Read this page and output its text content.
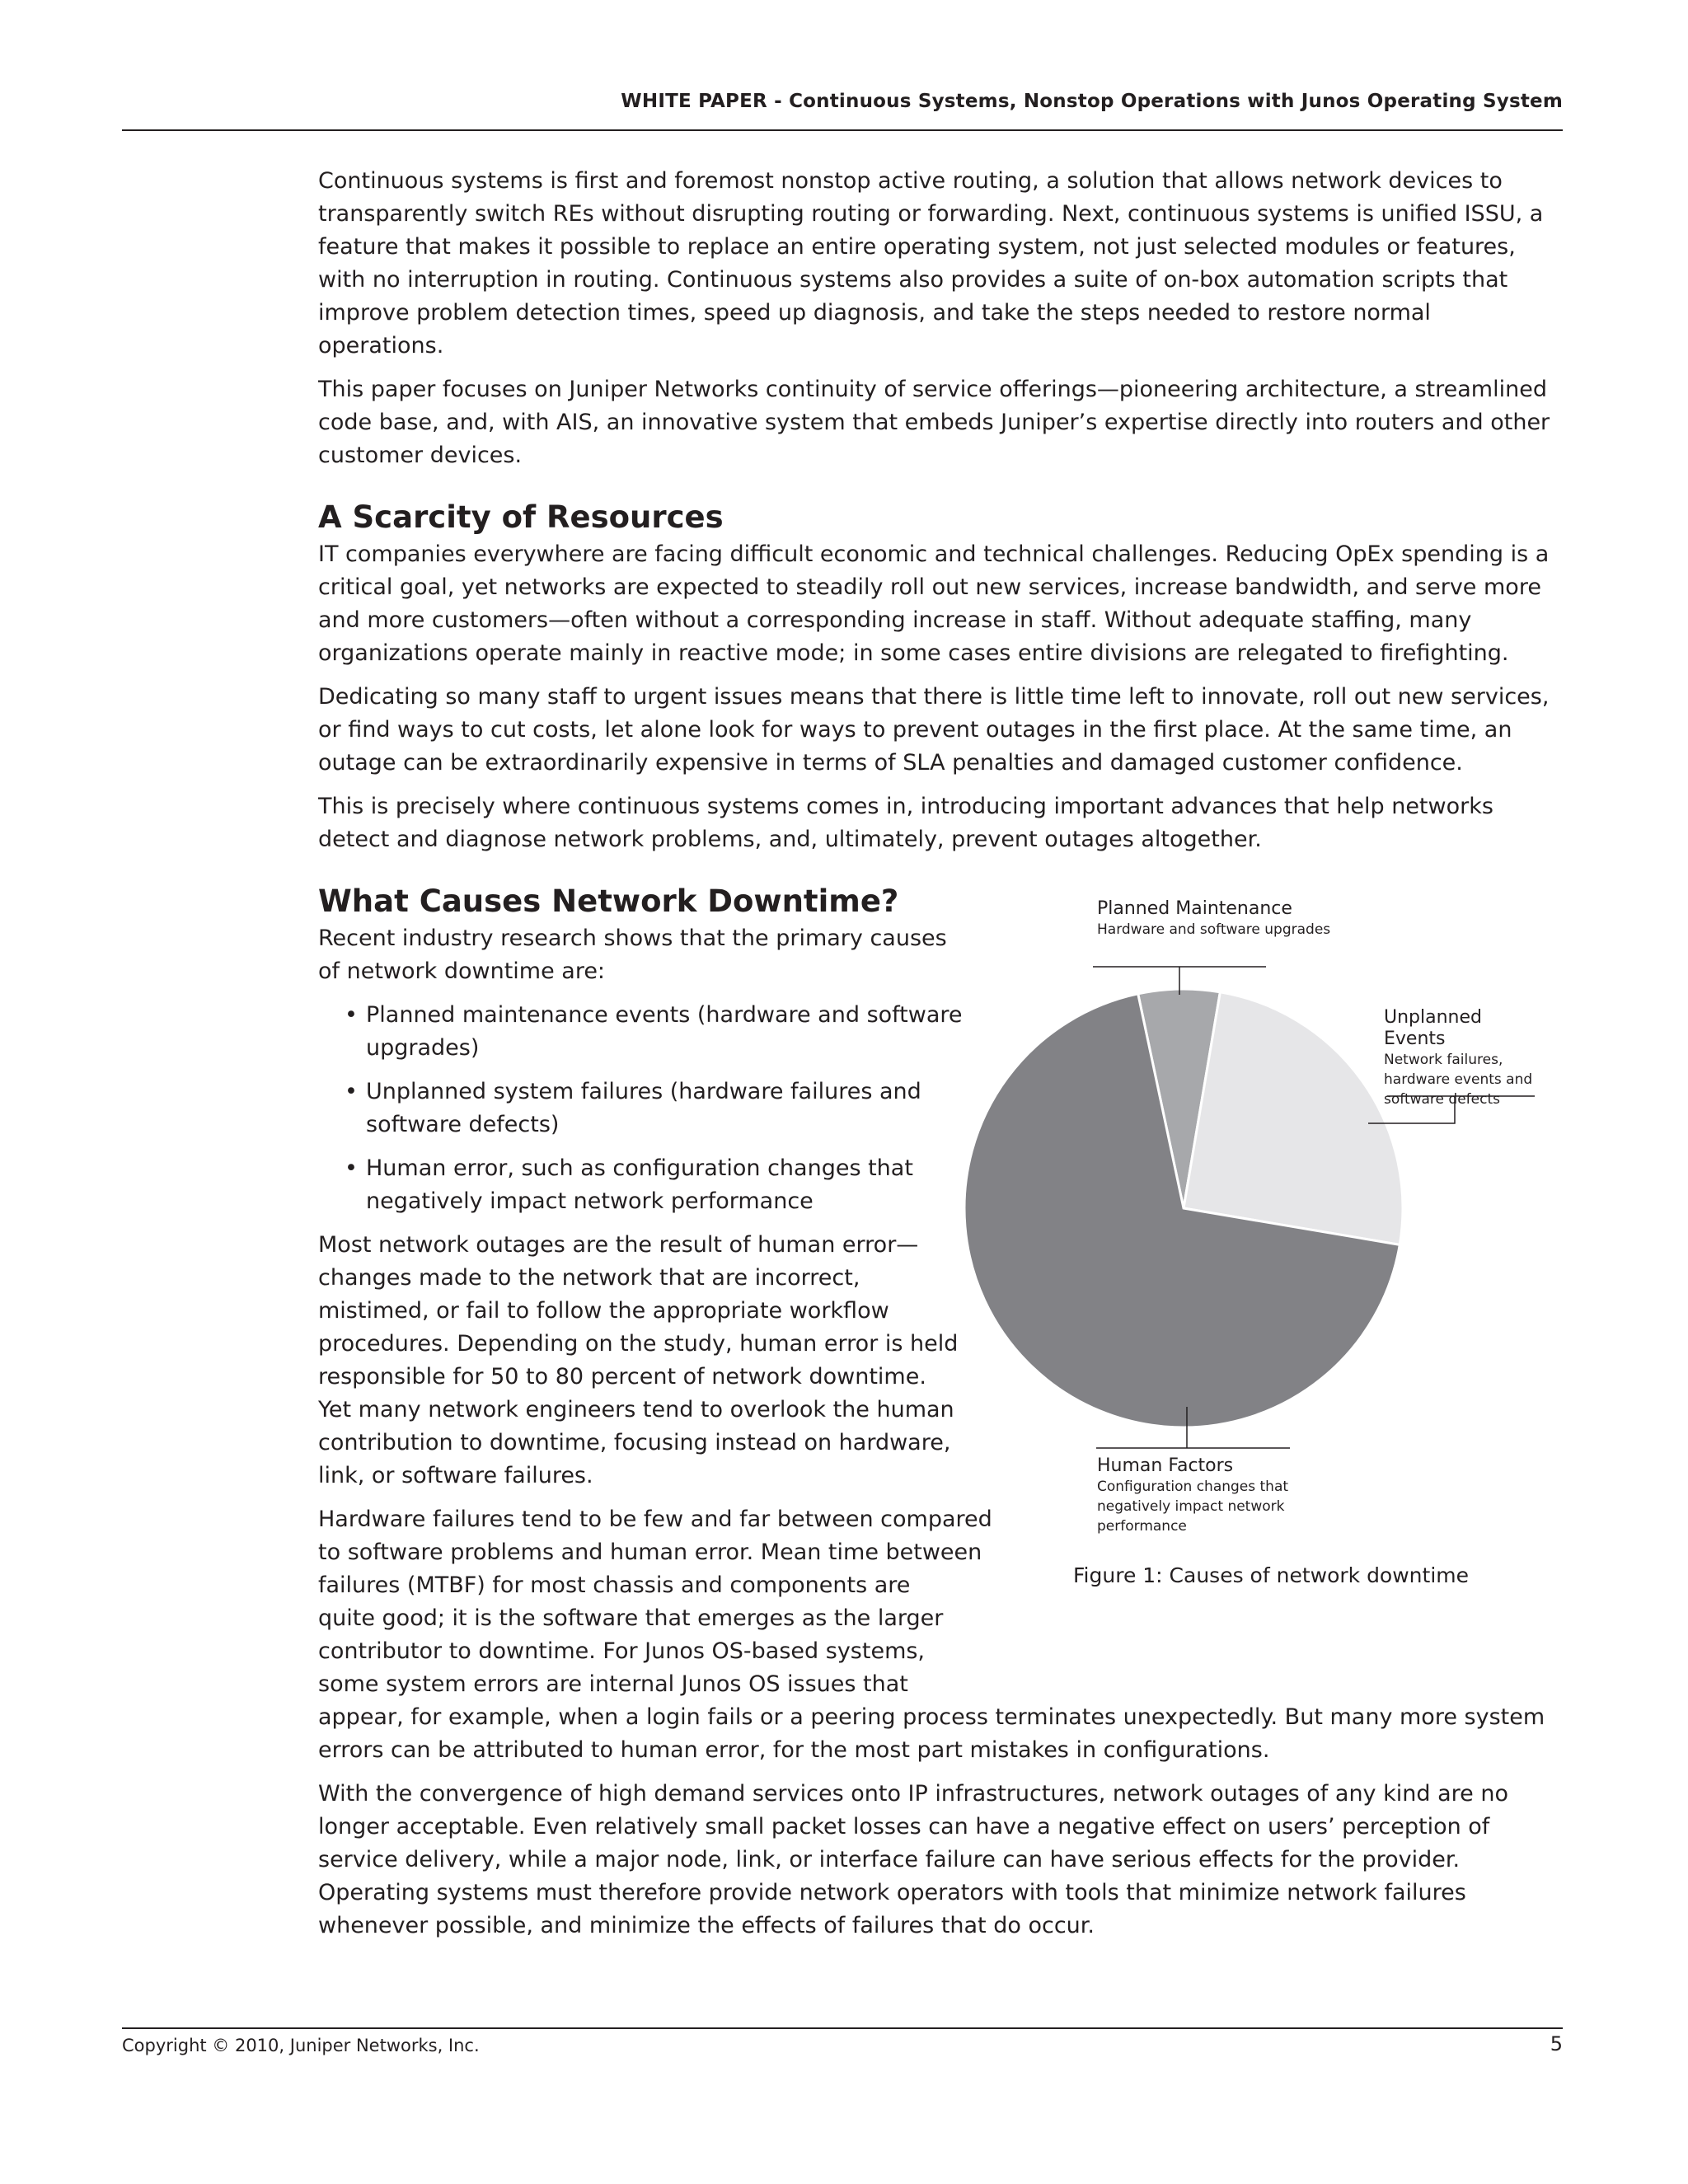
WHITE PAPER - Continuous Systems, Nonstop Operations with Junos Operating System

Continuous systems is first and foremost nonstop active routing, a solution that allows network devices to transparently switch REs without disrupting routing or forwarding. Next, continuous systems is unified ISSU, a feature that makes it possible to replace an entire operating system, not just selected modules or features, with no interruption in routing. Continuous systems also provides a suite of on-box automation scripts that improve problem detection times, speed up diagnosis, and take the steps needed to restore normal operations.

This paper focuses on Juniper Networks continuity of service offerings—pioneering architecture, a streamlined code base, and, with AIS, an innovative system that embeds Juniper’s expertise directly into routers and other customer devices.

A Scarcity of Resources

IT companies everywhere are facing difficult economic and technical challenges. Reducing OpEx spending is a critical goal, yet networks are expected to steadily roll out new services, increase bandwidth, and serve more and more customers—often without a corresponding increase in staff. Without adequate staffing, many organizations operate mainly in reactive mode; in some cases entire divisions are relegated to firefighting.

Dedicating so many staff to urgent issues means that there is little time left to innovate, roll out new services, or find ways to cut costs, let alone look for ways to prevent outages in the first place. At the same time, an outage can be extraordinarily expensive in terms of SLA penalties and damaged customer confidence.

This is precisely where continuous systems comes in, introducing important advances that help networks detect and diagnose network problems, and, ultimately, prevent outages altogether.

What Causes Network Downtime?

Recent industry research shows that the primary causes of network downtime are:

• Planned maintenance events (hardware and software upgrades)
• Unplanned system failures (hardware failures and software defects)
• Human error, such as configuration changes that negatively impact network performance

Most network outages are the result of human error— changes made to the network that are incorrect, mistimed, or fail to follow the appropriate workflow procedures. Depending on the study, human error is held responsible for 50 to 80 percent of network downtime. Yet many network engineers tend to overlook the human contribution to downtime, focusing instead on hardware, link, or software failures.

Hardware failures tend to be few and far between compared
to software problems and human error. Mean time between
failures (MTBF) for most chassis and components are
quite good; it is the software that emerges as the larger
contributor to downtime. For Junos OS-based systems,
some system errors are internal Junos OS issues that
appear, for example, when a login fails or a peering process terminates unexpectedly. But many more system errors can be attributed to human error, for the most part mistakes in configurations.

With the convergence of high demand services onto IP infrastructures, network outages of any kind are no longer acceptable. Even relatively small packet losses can have a negative effect on users’ perception of service delivery, while a major node, link, or interface failure can have serious effects for the provider. Operating systems must therefore provide network operators with tools that minimize network failures whenever possible, and minimize the effects of failures that do occur.

Planned Maintenance
Hardware and software upgrades
Unplanned Events
Network failures, hardware events and software defects
Human Factors
Configuration changes that negatively impact network performance
Figure 1: Causes of network downtime
Copyright © 2010, Juniper Networks, Inc.	5
